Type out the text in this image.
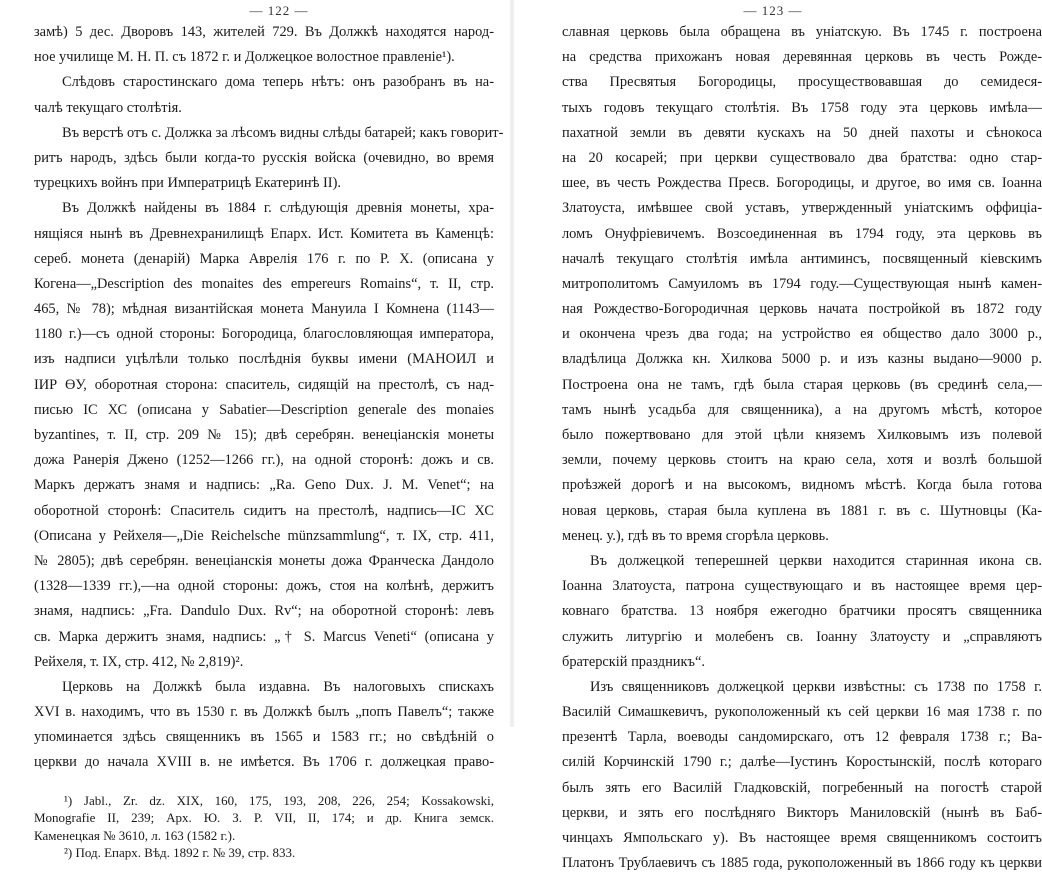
— 122 —
замѣ) 5 дес. Дворовъ 143, жителей 729. Въ Должкѣ находятся народ-
ное училище М. Н. П. съ 1872 г. и Должецкое волостное правленіе¹).
Слѣдовъ старостинскаго дома теперь нѣтъ: онъ разобранъ въ на-
чалѣ текущаго столѣтія.
Въ верстѣ отъ с. Должка за лѣсомъ видны слѣды батарей; какъ говорит-
ритъ народъ, здѣсь были когда-то русскія войска (очевидно, во время
турецкихъ войнъ при Императрицѣ Екатеринѣ II).
Въ Должкѣ найдены въ 1884 г. слѣдующія древнія монеты, хра-
нящіяся нынѣ въ Древнехранилищѣ Епарх. Ист. Комитета въ Каменцѣ:
сереб. монета (денарій) Марка Аврелія 176 г. по Р. Х. (описана у
Когена—„Description des monaites des empereurs Romains“, т. II, стр.
465, № 78); мѣдная византійская монета Мануила I Комнена (1143—
1180 г.)—съ одной стороны: Богородица, благословляющая императора,
изъ надписи уцѣлѣли только послѣднія буквы имени (МАНОИЛ и
ІИР ӨУ, оборотная сторона: спаситель, сидящій на престолѣ, съ над-
писью ІС ХС (описана у Sabatier—Description generale des monaies
byzantines, т. II, стр. 209 № 15); двѣ серебрян. венеціанскія монеты
дожа Ранерія Джено (1252—1266 гг.), на одной сторонѣ: дожъ и св.
Маркъ держатъ знамя и надпись: „Ra. Geno Dux. J. M. Venet“; на
оборотной сторонѣ: Спаситель сидитъ на престолѣ, надпись—ІС ХС
(Описана у Рейхеля—„Die Reichelsche münzsammlung“, т. IX, стр. 411,
№ 2805); двѣ серебрян. венеціанскія монеты дожа Франческа Дандоло
(1328—1339 гг.),—на одной стороны: дожъ, стоя на колѣнѣ, держитъ
знамя, надпись: „Fra. Dandulo Dux. Rv“; на оборотной сторонѣ: левъ
св. Марка держитъ знамя, надпись: „† S. Marcus Veneti“ (описана у
Рейхеля, т. IX, стр. 412, № 2,819)².
Церковь на Должкѣ была издавна. Въ налоговыхъ спискахъ
XVI в. находимъ, что въ 1530 г. въ Должкѣ былъ „попъ Павелъ“; также
упоминается здѣсь священникъ въ 1565 и 1583 гг.; но свѣдѣній о
церкви до начала XVIII в. не имѣется. Въ 1706 г. должецкая право-
¹) Jabl., Zr. dz. XIX, 160, 175, 193, 208, 226, 254; Kossakowski,
Monografie II, 239; Арх. Ю. З. Р. VII, II, 174; и др. Книга земск.
Каменецкая № 3610, л. 163 (1582 г.).
²) Под. Епарх. Вѣд. 1892 г. № 39, стр. 833.
— 123 —
славная церковь была обращена въ уніатскую. Въ 1745 г. построена
на средства прихожанъ новая деревянная церковь въ честь Рожде-
ства Пресвятыя Богородицы, просуществовавшая до семидеся-
тыхъ годовъ текущаго столѣтія. Въ 1758 году эта церковь имѣла—
пахатной земли въ девяти кускахъ на 50 дней пахоты и сѣнокоса
на 20 косарей; при церкви существовало два братства: одно стар-
шее, въ честь Рождества Пресв. Богородицы, и другое, во имя св. Іоанна
Златоуста, имѣвшее свой уставъ, утвержденный уніатскимъ оффиціа-
ломъ Онуфріевичемъ. Возсоединенная въ 1794 году, эта церковь въ
началѣ текущаго столѣтія имѣла антиминсъ, посвященный кіевскимъ
митрополитомъ Самуиломъ въ 1794 году.—Существующая нынѣ камен-
ная Рождество-Богородичная церковь начата постройкой въ 1872 году
и окончена чрезъ два года; на устройство ея общество дало 3000 р.,
владѣлица Должка кн. Хилкова 5000 р. и изъ казны выдано—9000 р.
Построена она не тамъ, гдѣ была старая церковь (въ срединѣ села,—
тамъ нынѣ усадьба для священника), а на другомъ мѣстѣ, которое
было пожертвовано для этой цѣли княземъ Хилковымъ изъ полевой
земли, почему церковь стоитъ на краю села, хотя и возлѣ большой
проѣзжей дорогѣ и на высокомъ, видномъ мѣстѣ. Когда была готова
новая церковь, старая была куплена въ 1881 г. въ с. Шутновцы (Ка-
менец. у.), гдѣ въ то время сгорѣла церковь.
Въ должецкой теперешней церкви находится старинная икона св.
Іоанна Златоуста, патрона существующаго и въ настоящее время цер-
ковнаго братства. 13 ноября ежегодно братчики просятъ священника
служить литургію и молебенъ св. Іоанну Златоусту и „справляютъ
братерскій праздникъ“.
Изъ священниковъ должецкой церкви извѣстны: съ 1738 по 1758 г.
Василій Симашкевичъ, рукоположенный къ сей церкви 16 мая 1738 г. по
презентѣ Тарла, воеводы сандомирскаго, отъ 12 февраля 1738 г.; Ва-
силій Корчинскій 1790 г.; далѣе—Іустинъ Коростынскій, послѣ котораго
былъ зять его Василій Гладковскій, погребенный на погостѣ старой
церкви, и зять его послѣдняго Викторъ Маниловскій (нынѣ въ Баб-
чинцахъ Ямпольскаго у). Въ настоящее время священникомъ состоитъ
Платонъ Трублаевичъ съ 1885 года, рукоположенный въ 1866 году къ церкви
